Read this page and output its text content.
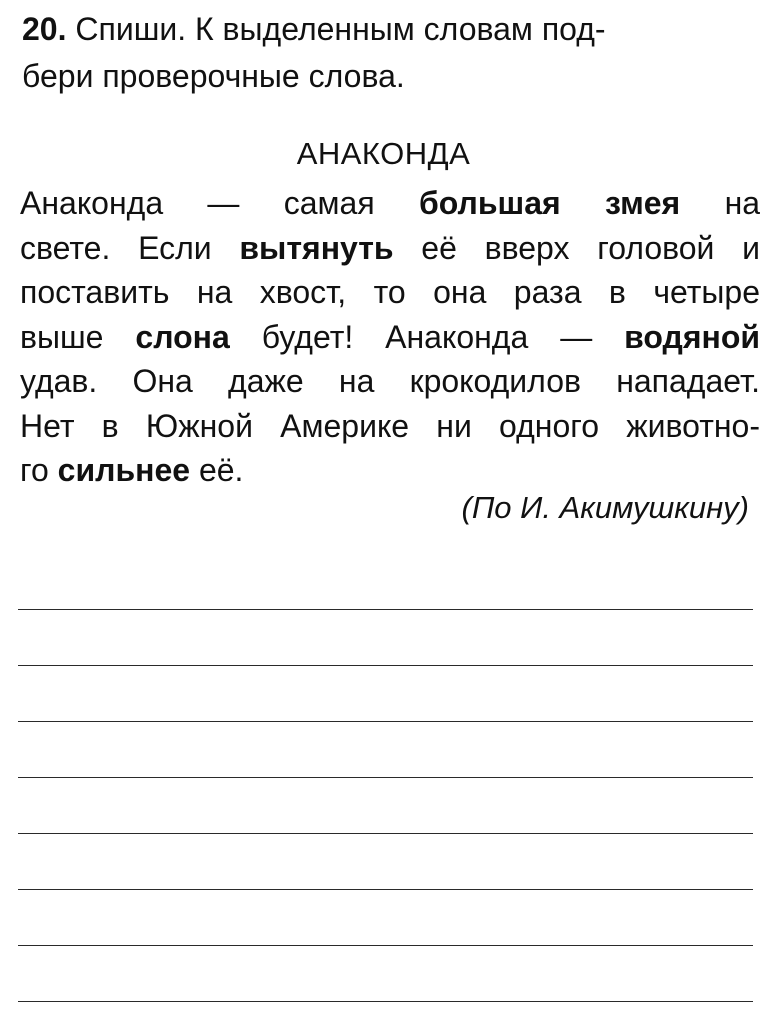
20. Спиши. К выделенным словам под-
бери проверочные слова.
АНАКОНДА
Анаконда — самая большая змея на
свете. Если вытянуть её вверх головой и
поставить на хвост, то она раза в четыре
выше слона будет! Анаконда — водяной
удав. Она даже на крокодилов нападает.
Нет в Южной Америке ни одного животно-
го сильнее её.
(По И. Акимушкину)
